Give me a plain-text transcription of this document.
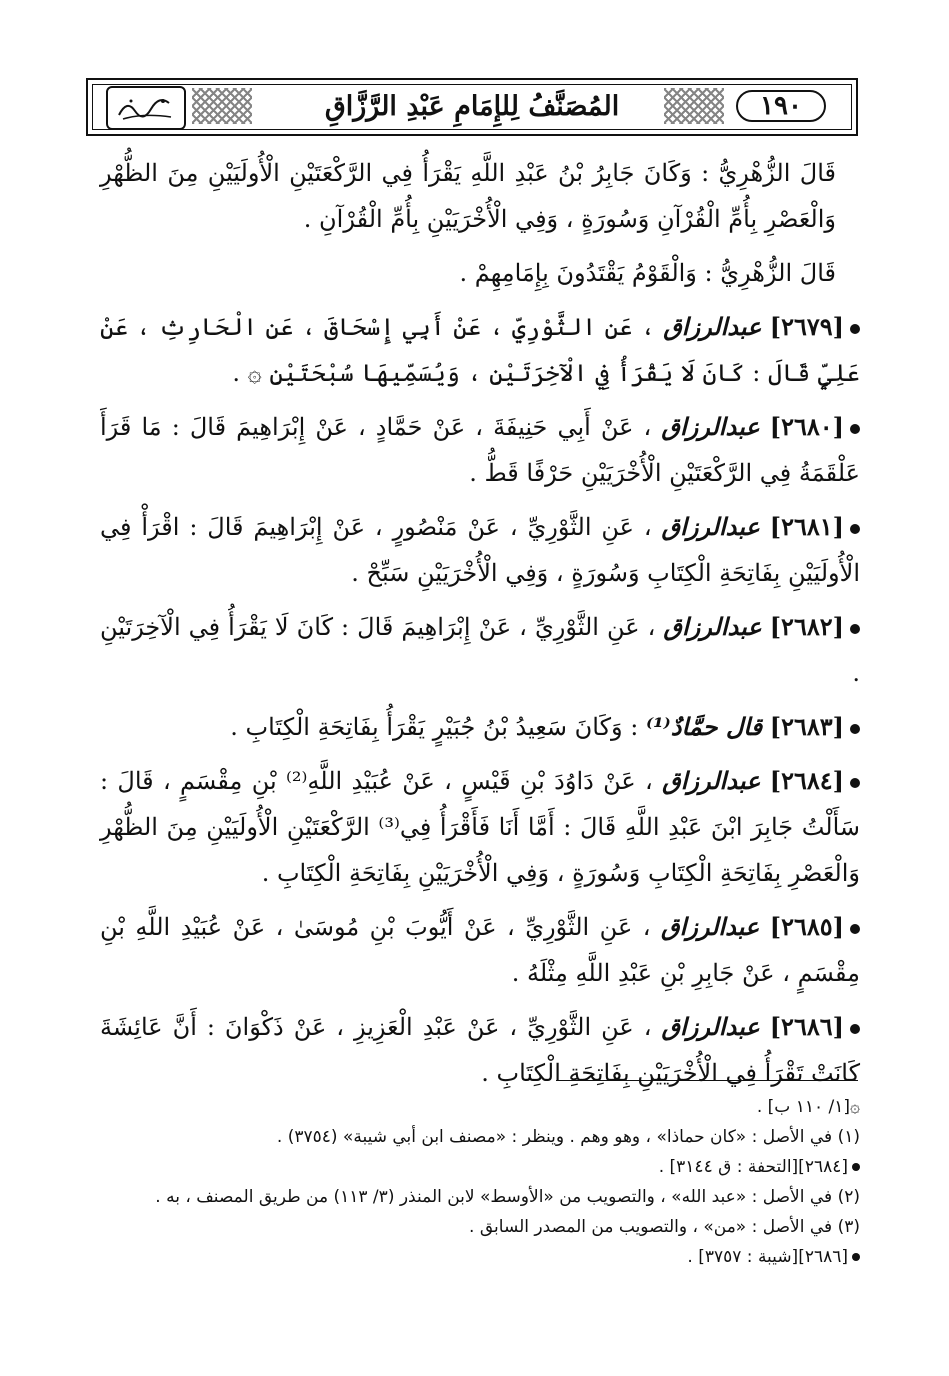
المُصَنَّفُ لِلإِمَامِ عَبْدِ الرَّزَّاقِ	١٩٠

قَالَ الزُّهْرِيُّ : وَكَانَ جَابِرُ بْنُ عَبْدِ اللَّهِ يَقْرَأُ فِي الرَّكْعَتَيْنِ الْأُولَيَيْنِ مِنَ الظُّهْرِ وَالْعَصْرِ بِأُمِّ الْقُرْآنِ وَسُورَةٍ ، وَفِي الْأُخْرَيَيْنِ بِأُمِّ الْقُرْآنِ .

قَالَ الزُّهْرِيُّ : وَالْقَوْمُ يَقْتَدُونَ بِإِمَامِهِمْ .

[٢٦٧٩] عبدالرزاق ، عَنِ الثَّوْرِيِّ ، عَنْ أَبِي إِسْحَاقَ ، عَنِ الْحَارِثِ ، عَنْ عَلِيٍّ قَالَ : كَانَ لَا يَقْرَأُ فِي الْآخِرَتَيْنِ ، وَيُسَمِّيهَا سُبْحَتَيْنِ ۞ .

[٢٦٨٠] عبدالرزاق ، عَنْ أَبِي حَنِيفَةَ ، عَنْ حَمَّادٍ ، عَنْ إِبْرَاهِيمَ قَالَ : مَا قَرَأَ عَلْقَمَةُ فِي الرَّكْعَتَيْنِ الْأُخْرَيَيْنِ حَرْفًا قَطُّ .

[٢٦٨١] عبدالرزاق ، عَنِ الثَّوْرِيِّ ، عَنْ مَنْصُورٍ ، عَنْ إِبْرَاهِيمَ قَالَ : اقْرَأْ فِي الْأُولَيَيْنِ بِفَاتِحَةِ الْكِتَابِ وَسُورَةٍ ، وَفِي الْأُخْرَيَيْنِ سَبِّحْ .

[٢٦٨٢] عبدالرزاق ، عَنِ الثَّوْرِيِّ ، عَنْ إِبْرَاهِيمَ قَالَ : كَانَ لَا يَقْرَأُ فِي الْآخِرَتَيْنِ .

[٢٦٨٣] قال حمَّادٌ⁽¹⁾ : وَكَانَ سَعِيدُ بْنُ جُبَيْرٍ يَقْرَأُ بِفَاتِحَةِ الْكِتَابِ .

[٢٦٨٤] عبدالرزاق ، عَنْ دَاوُدَ بْنِ قَيْسٍ ، عَنْ عُبَيْدِ اللَّهِ⁽²⁾ بْنِ مِقْسَمٍ ، قَالَ : سَأَلْتُ جَابِرَ ابْنَ عَبْدِ اللَّهِ قَالَ : أَمَّا أَنَا فَأَقْرَأُ فِي⁽³⁾ الرَّكْعَتَيْنِ الْأُولَيَيْنِ مِنَ الظُّهْرِ وَالْعَصْرِ بِفَاتِحَةِ الْكِتَابِ وَسُورَةٍ ، وَفِي الْأُخْرَيَيْنِ بِفَاتِحَةِ الْكِتَابِ .

[٢٦٨٥] عبدالرزاق ، عَنِ الثَّوْرِيِّ ، عَنْ أَيُّوبَ بْنِ مُوسَىٰ ، عَنْ عُبَيْدِ اللَّهِ بْنِ مِقْسَمٍ ، عَنْ جَابِرِ بْنِ عَبْدِ اللَّهِ مِثْلَهُ .

[٢٦٨٦] عبدالرزاق ، عَنِ الثَّوْرِيِّ ، عَنْ عَبْدِ الْعَزِيزِ ، عَنْ ذَكْوَانَ : أَنَّ عَائِشَةَ كَانَتْ تَقْرَأُ فِي الْأُخْرَيَيْنِ بِفَاتِحَةِ الْكِتَابِ .

۞[١/ ١١٠ ب] .

(١) في الأصل : «كان حماذا» ، وهو وهم . وينظر : «مصنف ابن أبي شيبة» (٣٧٥٤) .

[٢٦٨٤][التحفة : ق ٣١٤٤] .

(٢) في الأصل : «عبد الله» ، والتصويب من «الأوسط» لابن المنذر (٣/ ١١٣) من طريق المصنف ، به .

(٣) في الأصل : «من» ، والتصويب من المصدر السابق .

[٢٦٨٦][شيبة : ٣٧٥٧] .
